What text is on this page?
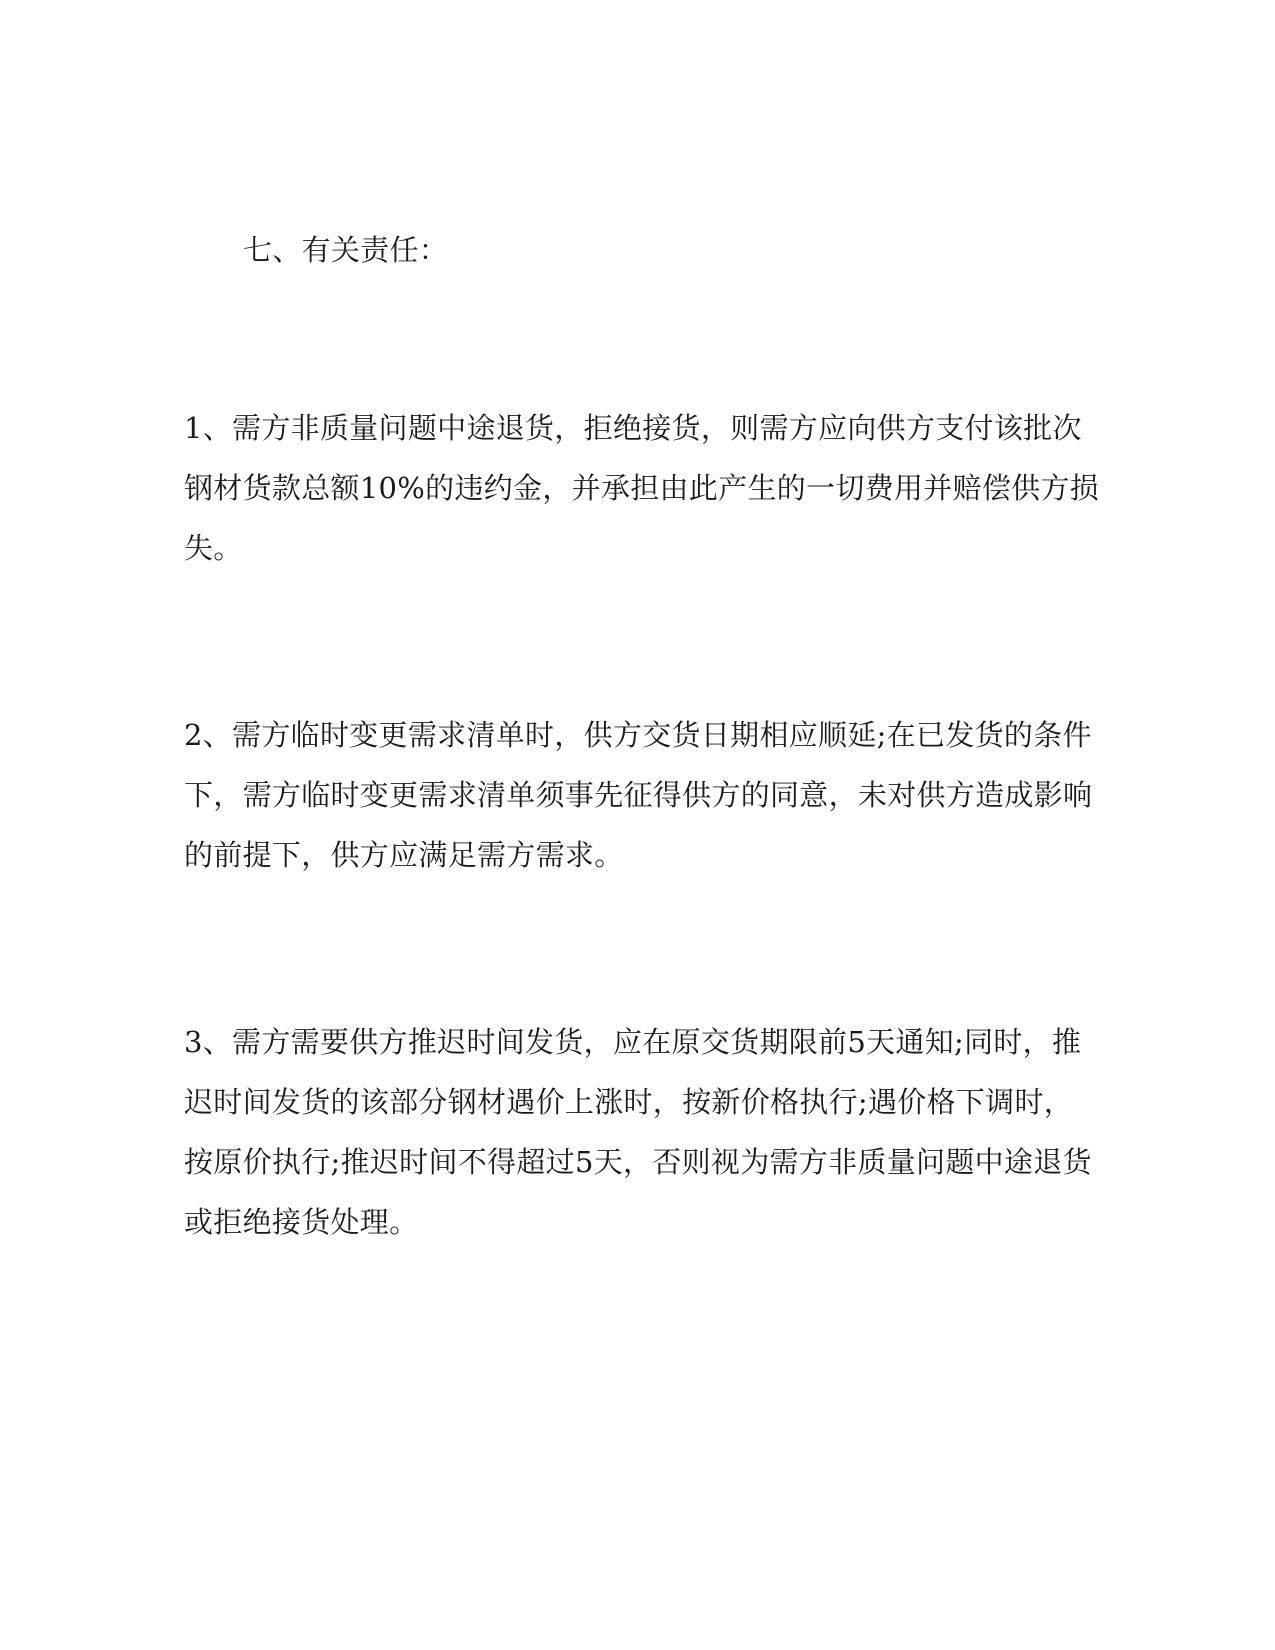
七、有关责任：
1、需方非质量问题中途退货，拒绝接货，则需方应向供方支付该批次
钢材货款总额10%的违约金，并承担由此产生的一切费用并赔偿供方损
失。
2、需方临时变更需求清单时，供方交货日期相应顺延;在已发货的条件
下，需方临时变更需求清单须事先征得供方的同意，未对供方造成影响
的前提下，供方应满足需方需求。
3、需方需要供方推迟时间发货，应在原交货期限前5天通知;同时，推
迟时间发货的该部分钢材遇价上涨时，按新价格执行;遇价格下调时，
按原价执行;推迟时间不得超过5天，否则视为需方非质量问题中途退货
或拒绝接货处理。
